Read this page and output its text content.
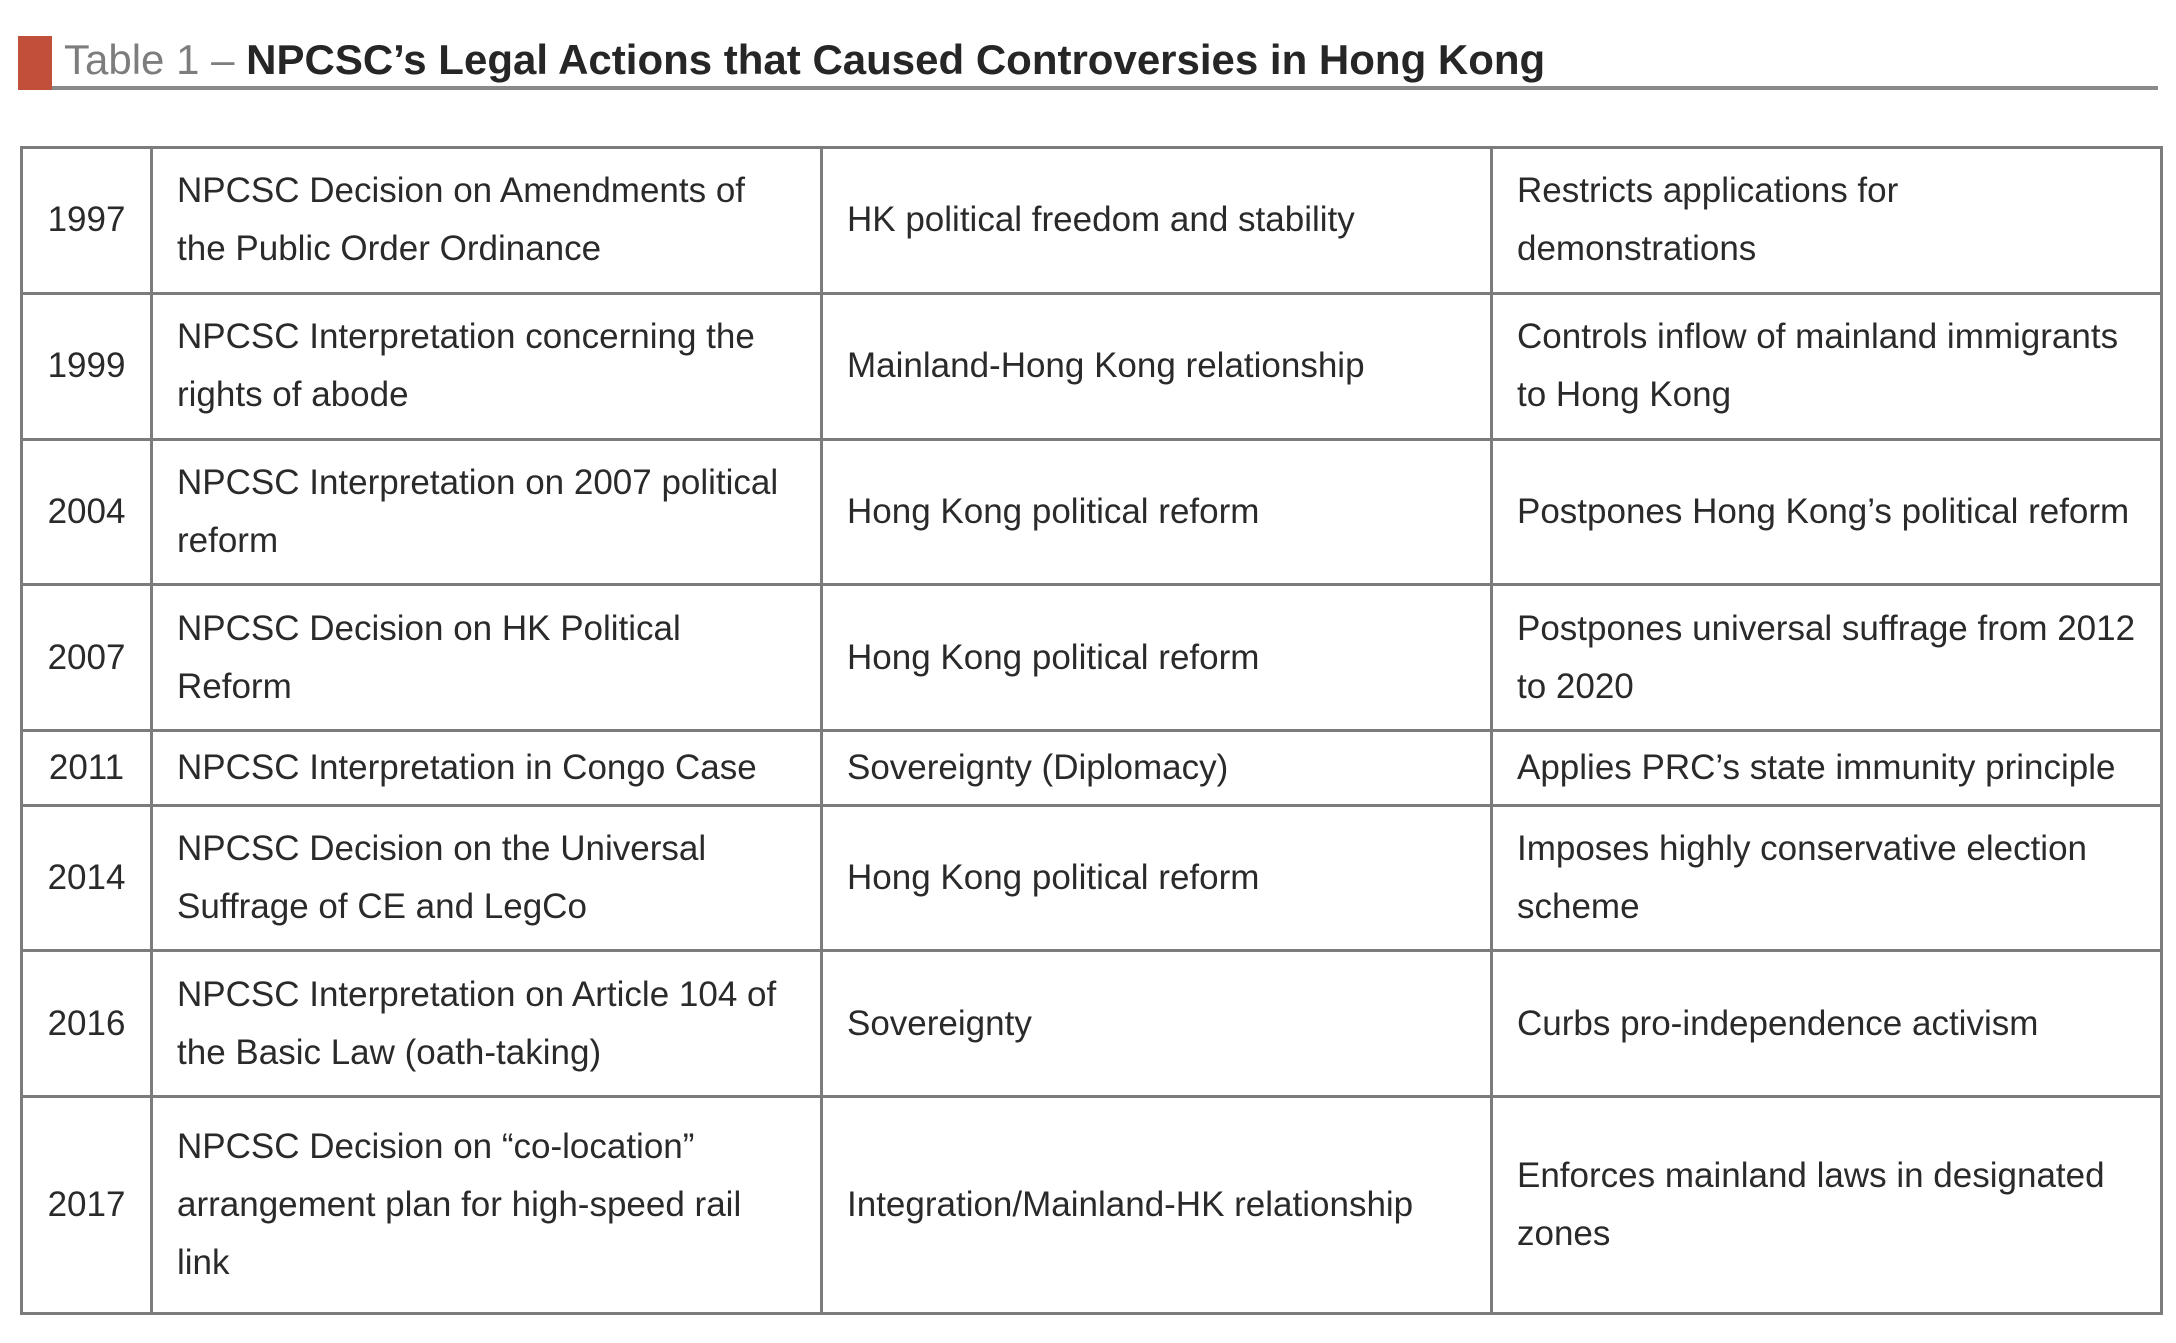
Table 1 – NPCSC’s Legal Actions that Caused Controversies in Hong Kong
1997	NPCSC Decision on Amendments of the Public Order Ordinance	HK political freedom and stability	Restricts applications for demonstrations
1999	NPCSC Interpretation concerning the rights of abode	Mainland-Hong Kong relationship	Controls inflow of mainland immigrants to Hong Kong
2004	NPCSC Interpretation on 2007 political reform	Hong Kong political reform	Postpones Hong Kong’s political reform
2007	NPCSC Decision on HK Political Reform	Hong Kong political reform	Postpones universal suffrage from 2012 to 2020
2011	NPCSC Interpretation in Congo Case	Sovereignty (Diplomacy)	Applies PRC’s state immunity principle
2014	NPCSC Decision on the Universal Suffrage of CE and LegCo	Hong Kong political reform	Imposes highly conservative election scheme
2016	NPCSC Interpretation on Article 104 of the Basic Law (oath-taking)	Sovereignty	Curbs pro-independence activism
2017	NPCSC Decision on “co-location” arrangement plan for high-speed rail link	Integration/Mainland-HK relationship	Enforces mainland laws in designated zones
